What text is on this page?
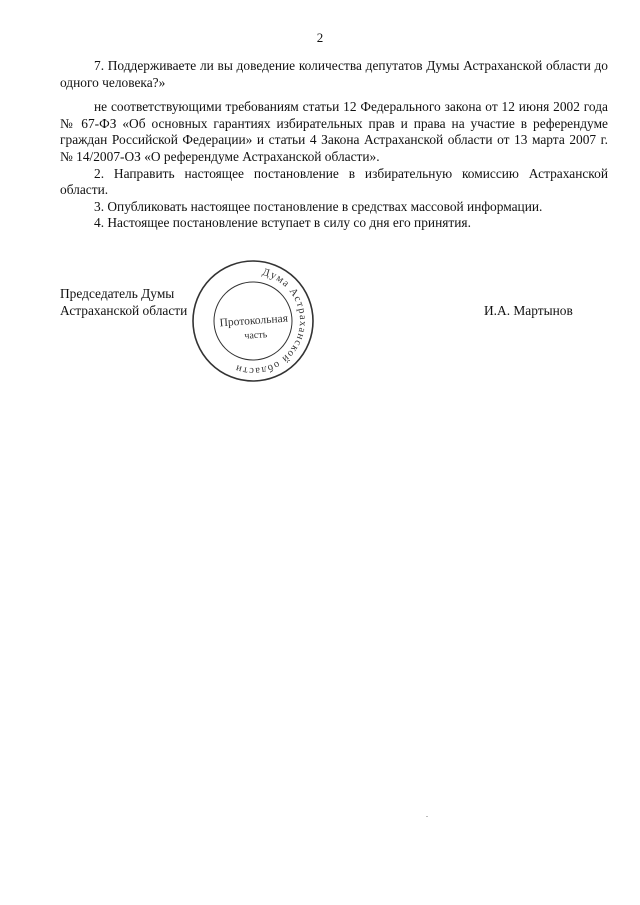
2

7. Поддерживаете ли вы доведение количества депутатов Думы Астраханской области до одного человека?»

не соответствующими требованиям статьи 12 Федерального закона от 12 июня 2002 года № 67-ФЗ «Об основных гарантиях избирательных прав и права на участие в референдуме граждан Российской Федерации» и статьи 4 Закона Астраханской области от 13 марта 2007 г. № 14/2007-ОЗ «О референдуме Астраханской области».

2. Направить настоящее постановление в избирательную комиссию Астраханской области.

3. Опубликовать настоящее постановление в средствах массовой информации.

4. Настоящее постановление вступает в силу со дня его принятия.

Председатель Думы
Астраханской области	И.А. Мартынов
Дума Астраханской области
Протокольная
часть
